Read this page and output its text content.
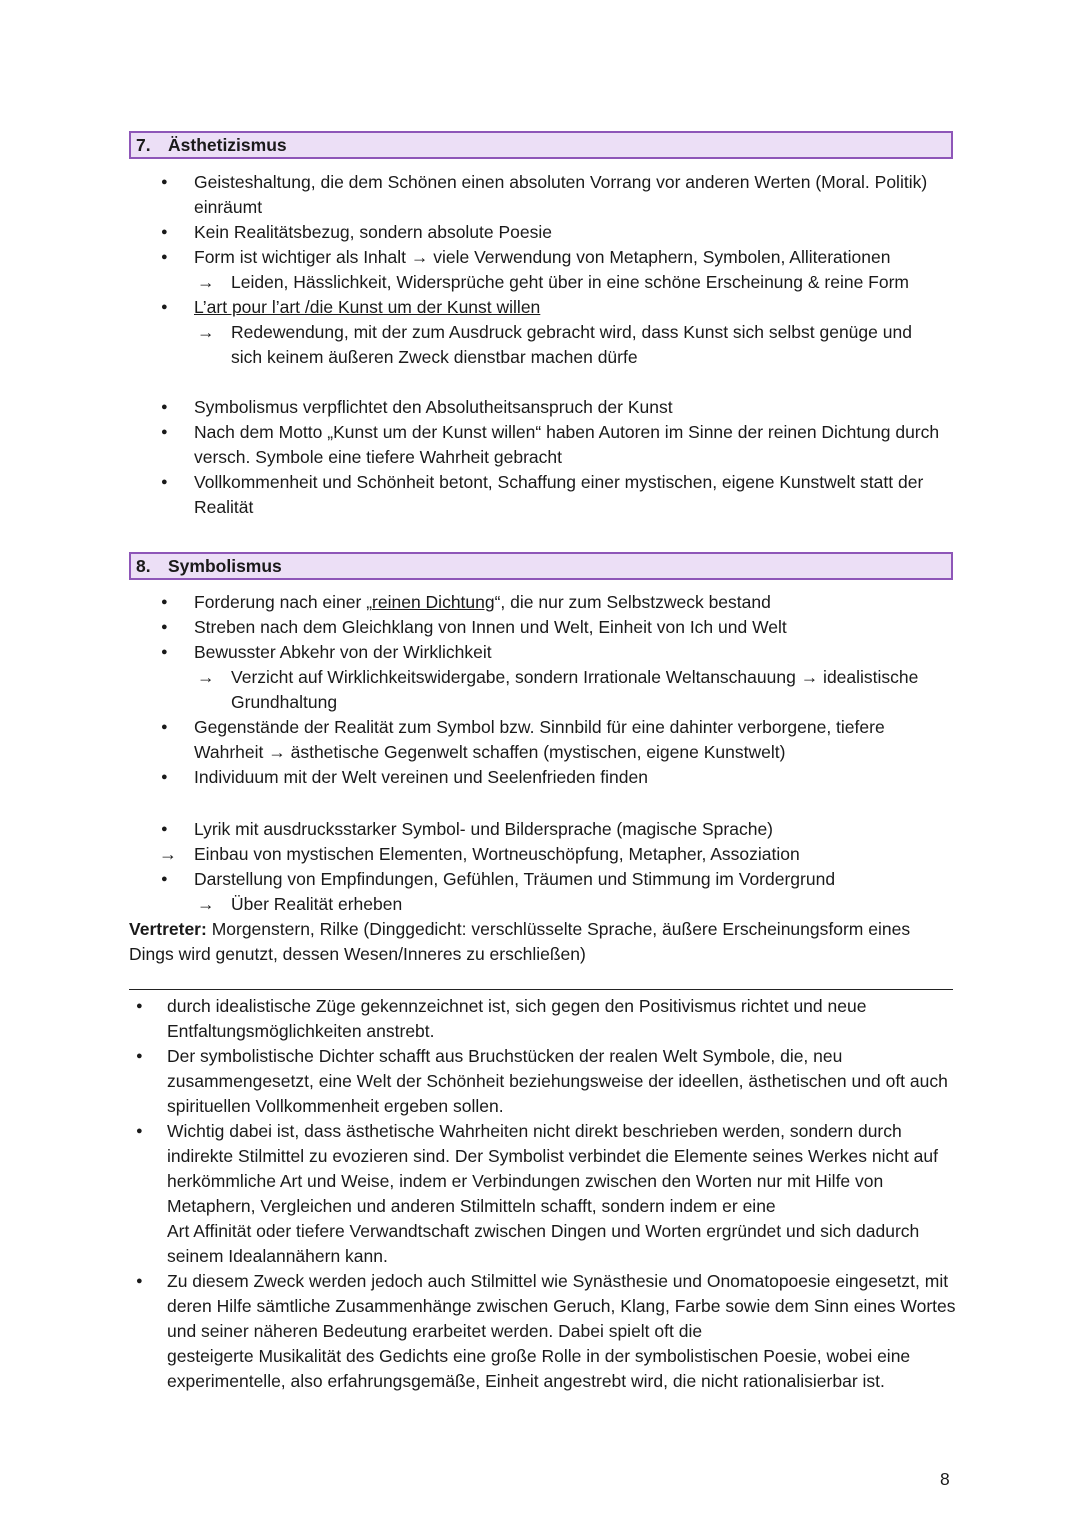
7. Ästhetizismus
● Geisteshaltung, die dem Schönen einen absoluten Vorrang vor anderen Werten (Moral. Politik) einräumt
● Kein Realitätsbezug, sondern absolute Poesie
● Form ist wichtiger als Inhalt → viele Verwendung von Metaphern, Symbolen, Alliterationen
→ Leiden, Hässlichkeit, Widersprüche geht über in eine schöne Erscheinung & reine Form
● L’art pour l’art /die Kunst um der Kunst willen
→ Redewendung, mit der zum Ausdruck gebracht wird, dass Kunst sich selbst genüge und sich keinem äußeren Zweck dienstbar machen dürfe
● Symbolismus verpflichtet den Absolutheitsanspruch der Kunst
● Nach dem Motto „Kunst um der Kunst willen“ haben Autoren im Sinne der reinen Dichtung durch versch. Symbole eine tiefere Wahrheit gebracht
● Vollkommenheit und Schönheit betont, Schaffung einer mystischen, eigene Kunstwelt statt der Realität
8. Symbolismus
● Forderung nach einer „reinen Dichtung“, die nur zum Selbstzweck bestand
● Streben nach dem Gleichklang von Innen und Welt, Einheit von Ich und Welt
● Bewusster Abkehr von der Wirklichkeit
→ Verzicht auf Wirklichkeitswidergabe, sondern Irrationale Weltanschauung → idealistische Grundhaltung
● Gegenstände der Realität zum Symbol bzw. Sinnbild für eine dahinter verborgene, tiefere Wahrheit → ästhetische Gegenwelt schaffen (mystischen, eigene Kunstwelt)
● Individuum mit der Welt vereinen und Seelenfrieden finden
● Lyrik mit ausdrucksstarker Symbol- und Bildersprache (magische Sprache)
→ Einbau von mystischen Elementen, Wortneuschöpfung, Metapher, Assoziation
● Darstellung von Empfindungen, Gefühlen, Träumen und Stimmung im Vordergrund
→ Über Realität erheben
Vertreter: Morgenstern, Rilke (Dinggedicht: verschlüsselte Sprache, äußere Erscheinungsform eines Dings wird genutzt, dessen Wesen/Inneres zu erschließen)
● durch idealistische Züge gekennzeichnet ist, sich gegen den Positivismus richtet und neue Entfaltungsmöglichkeiten anstrebt.
● Der symbolistische Dichter schafft aus Bruchstücken der realen Welt Symbole, die, neu zusammengesetzt, eine Welt der Schönheit beziehungsweise der ideellen, ästhetischen und oft auch spirituellen Vollkommenheit ergeben sollen.
● Wichtig dabei ist, dass ästhetische Wahrheiten nicht direkt beschrieben werden, sondern durch indirekte Stilmittel zu evozieren sind. Der Symbolist verbindet die Elemente seines Werkes nicht auf herkömmliche Art und Weise, indem er Verbindungen zwischen den Worten nur mit Hilfe von Metaphern, Vergleichen und anderen Stilmitteln schafft, sondern indem er eine
Art Affinität oder tiefere Verwandtschaft zwischen Dingen und Worten ergründet und sich dadurch seinem Idealannähern kann.
● Zu diesem Zweck werden jedoch auch Stilmittel wie Synästhesie und Onomatopoesie eingesetzt, mit deren Hilfe sämtliche Zusammenhänge zwischen Geruch, Klang, Farbe sowie dem Sinn eines Wortes und seiner näheren Bedeutung erarbeitet werden. Dabei spielt oft die
gesteigerte Musikalität des Gedichts eine große Rolle in der symbolistischen Poesie, wobei eine experimentelle, also erfahrungsgemäße, Einheit angestrebt wird, die nicht rationalisierbar ist.
8
